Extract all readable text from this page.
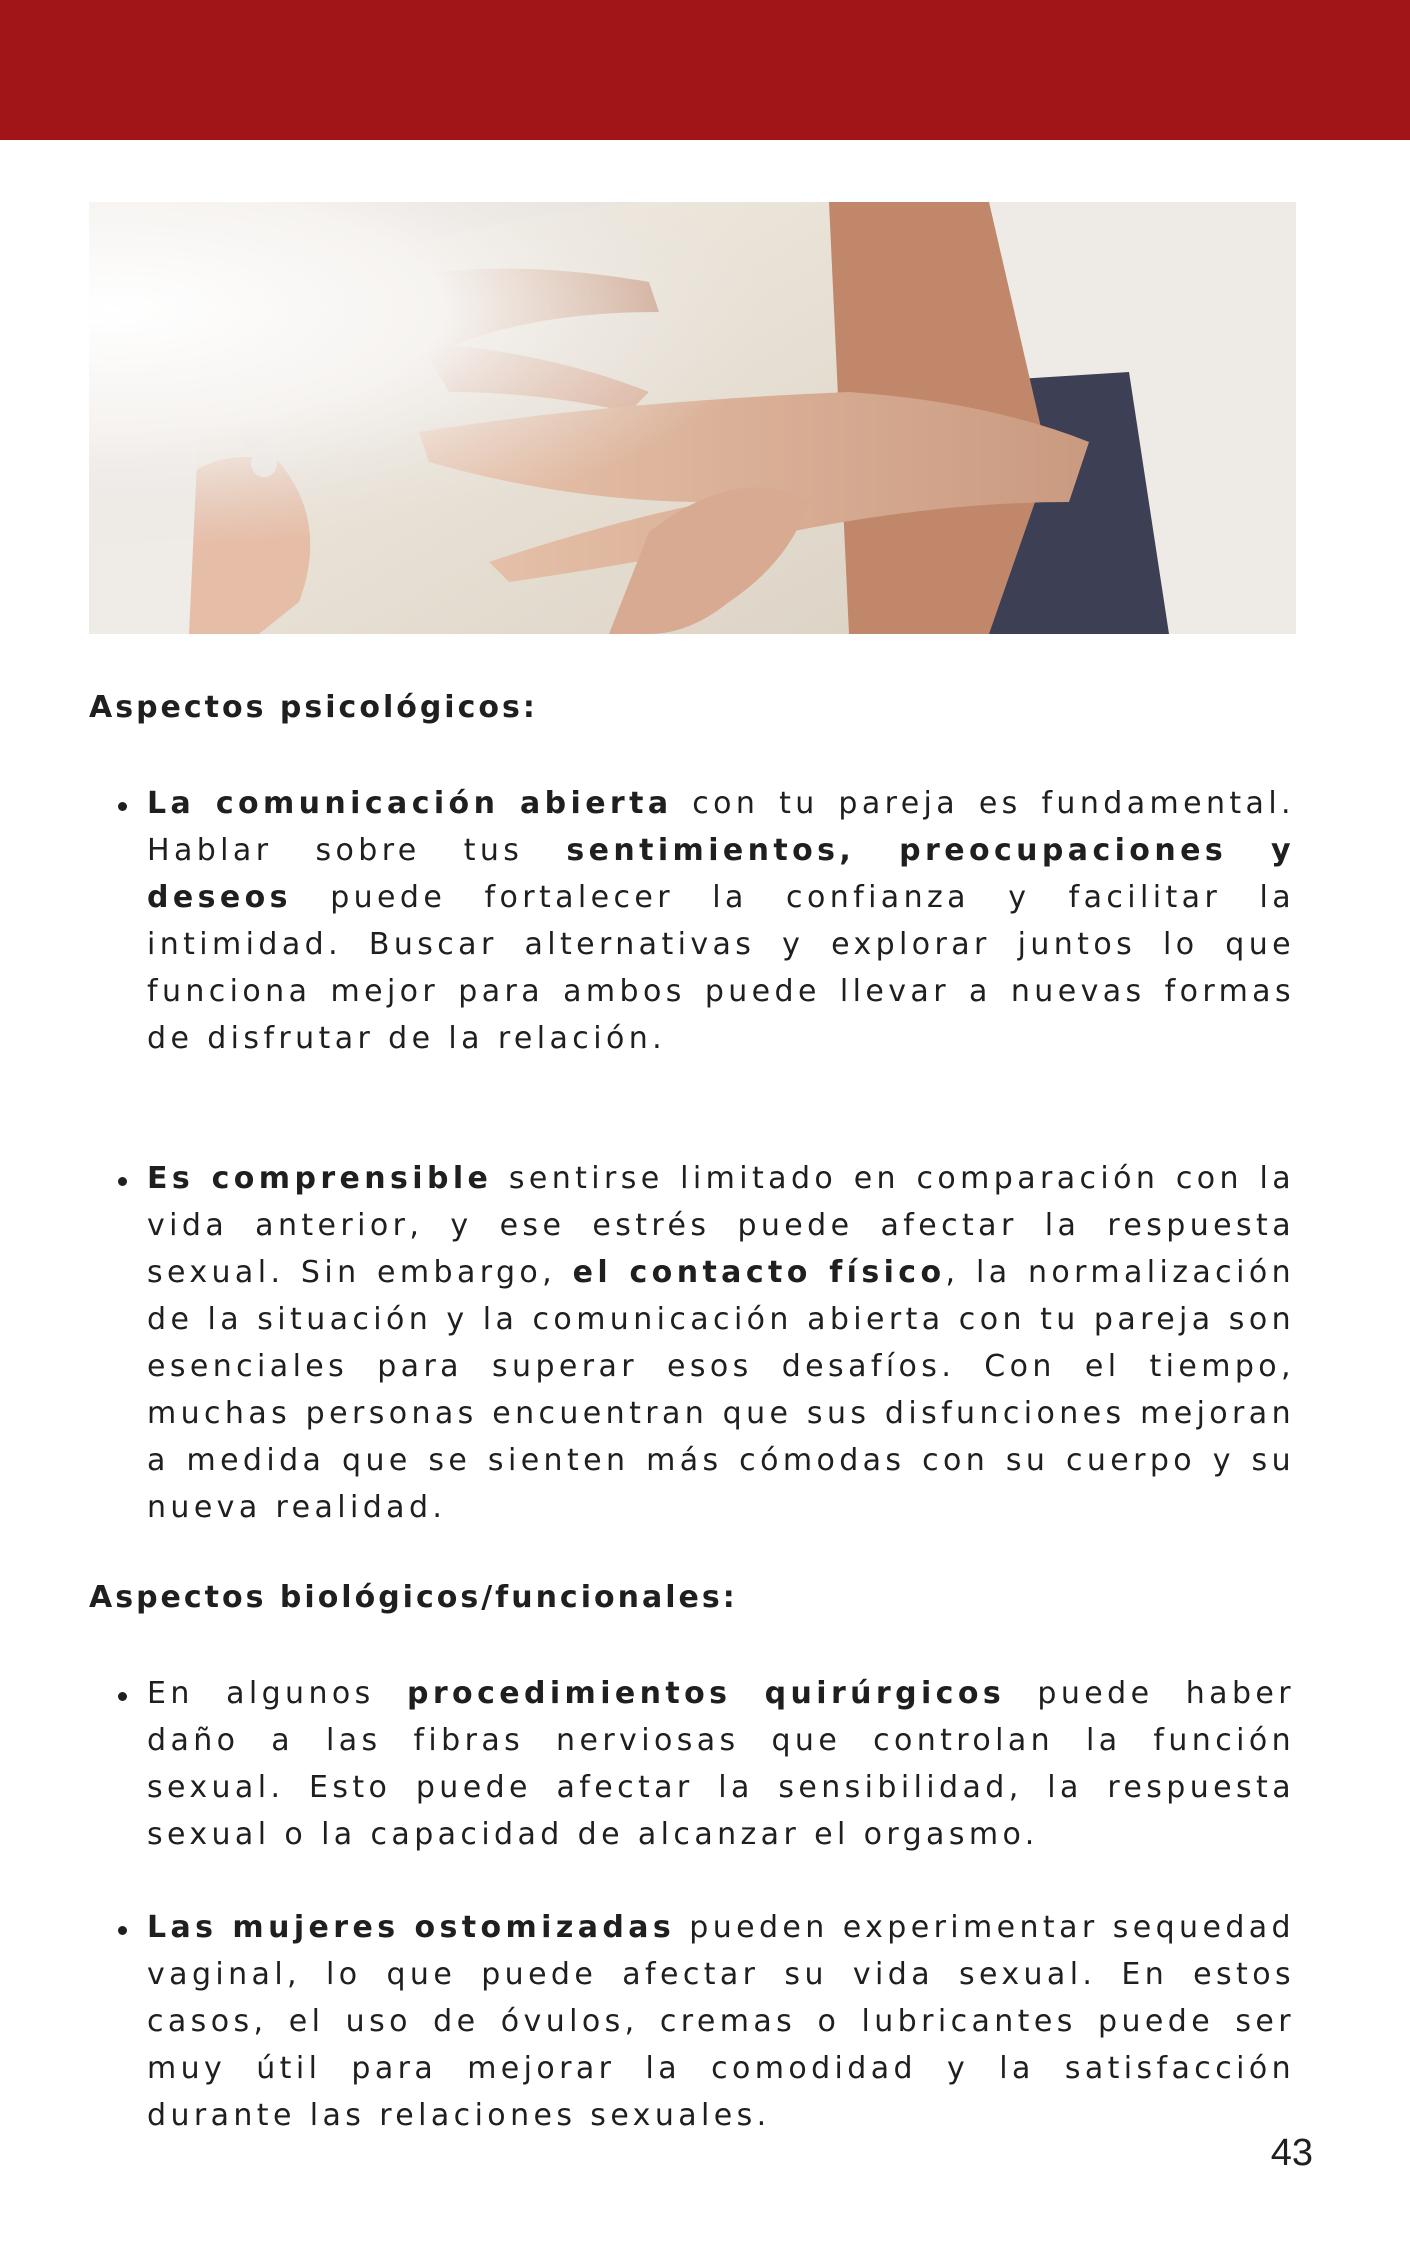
Aspectos psicológicos:

La comunicación abierta con tu pareja es fundamental. Hablar sobre tus sentimientos, preocupaciones y deseos puede fortalecer la confianza y facilitar la intimidad. Buscar alternativas y explorar juntos lo que funciona mejor para ambos puede llevar a nuevas formas de disfrutar de la relación.

Es comprensible sentirse limitado en comparación con la vida anterior, y ese estrés puede afectar la respuesta sexual. Sin embargo, el contacto físico, la normalización de la situación y la comunicación abierta con tu pareja son esenciales para superar esos desafíos. Con el tiempo, muchas personas encuentran que sus disfunciones mejoran a medida que se sienten más cómodas con su cuerpo y su nueva realidad.

Aspectos biológicos/funcionales:

En algunos procedimientos quirúrgicos puede haber daño a las fibras nerviosas que controlan la función sexual. Esto puede afectar la sensibilidad, la respuesta sexual o la capacidad de alcanzar el orgasmo.

Las mujeres ostomizadas pueden experimentar sequedad vaginal, lo que puede afectar su vida sexual. En estos casos, el uso de óvulos, cremas o lubricantes puede ser muy útil para mejorar la comodidad y la satisfacción durante las relaciones sexuales.

43
